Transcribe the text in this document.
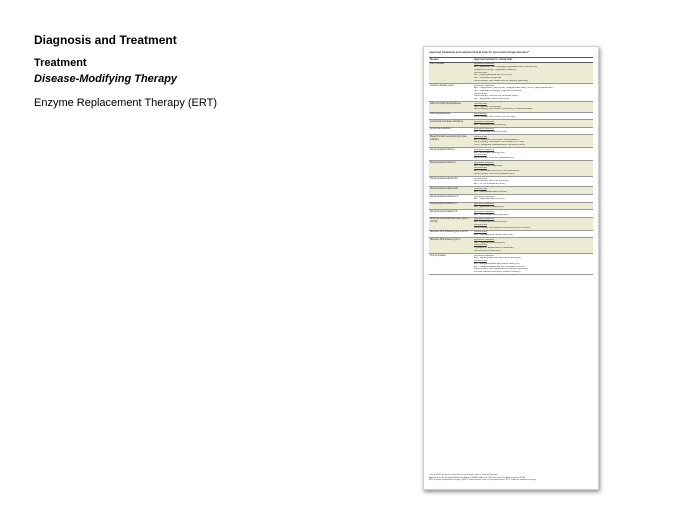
Diagnosis and Treatment
Treatment
Disease-Modifying Therapy
Enzyme Replacement Therapy (ERT)
Approved treatments and selected clinical trials for lysosomal storage disorders*
Disease	Approved treatments; clinical trials
Fabry disease	Approved treatment
ERT: agalsidase alfa (Replagal); agalsidase beta (Fabrazyme)
Chaperone therapy: migalastat (Galafold)
Clinical trials
ERT: pegunigalsidase alfa (PRX-102)
SRT: lucerastat; venglustat
Gene therapy: AAV-based vectors (various sponsors)
Gaucher disease, type I	Approved treatment
ERT: imiglucerase (Cerezyme); velaglucerase alfa (VPRIV); taliglucerase alfa
SRT: eliglustat (Cerdelga); miglustat (Zavesca)
Clinical trials
Gene therapy: AVR-RD-02 (lentiviral vector)
SRT: venglustat (Sanofi Genzyme)
GM1 and GM2 gangliosidoses	Clinical trials
SRT: miglustat; venglustat
Gene therapy: AAV vectors (University of Massachusetts)
GM1 gangliosidosis	Clinical trials
Gene therapy: AAV9-GLB1 (NIH/NHGRI)
Lysosomal acid lipase deficiency	Approved treatment
ERT: sebelipase alfa (Kanuma)
alpha-mannosidosis	Approved treatment
ERT: velmanase alfa (Lamzede)
Metachromatic leukodystrophy (late-infantile)
Clinical trials
ERT: intrathecal recombinant arylsulfatase A
Gene therapy: autologous HSC-based (OTL-200)
HSCT: allogeneic transplantation (various centers)
Mucopolysaccharidosis I	Approved treatment
ERT: laronidase (Aldurazyme)
Clinical trials
Gene therapy: RGX-111 (REGENXBIO)
Mucopolysaccharidosis II	Approved treatment
ERT: idursulfase (Elaprase)
Clinical trials
ERT: pabinafusp alfa (JCR Pharmaceuticals)
Gene therapy: RGX-121 (REGENXBIO)
Mucopolysaccharidosis IIIA	Clinical trials
Gene therapy: ABO-102 (Abeona)
ERT: rhHNS intrathecal (Shire)
Mucopolysaccharidosis IIIB	Clinical trials
ERT: tralesinidase alfa (Allievex)
Mucopolysaccharidosis IV A	Approved treatment
ERT: elosulfase alfa (Vimizim)
Mucopolysaccharidosis VI	Approved treatment
ERT: galsulfase (Naglazyme)
Mucopolysaccharidosis VII	Approved treatment
ERT: vestronidase alfa (Mepsevii)
Neuronal ceroid lipofuscinosis, type 2 (CLN2)
Approved treatment
ERT: cerliponase alfa (Brineura)
Clinical trials
Gene therapy: AAV-based CLN2 vectors (Weill Cornell)
Niemann-Pick disease types A and B	Clinical trials
ERT: olipudase alfa (Sanofi Genzyme)
Niemann-Pick disease type C	Approved treatment
SRT: miglustat (Zavesca) (EU)
Clinical trials
Cyclodextrin: adrabetadex (intrathecal)
Arimoclomol (Orphazyme)
Pompe disease	Approved treatment
ERT: alglucosidase alfa (Myozyme/Lumizyme)
Clinical trials
ERT: avalglucosidase alfa (Sanofi Genzyme)
ERT: cipaglucosidase alfa with miglustat (Amicus)
Gene therapy: AAV-based vectors (various sponsors)
Immune tolerance induction (Duke University)
* For the full and most current list of clinical trials, refer to ClinicalTrials.gov.
Approved by the European Medicines Agency (EMA) and/or the US Food and Drug Administration (FDA).
ERT, enzyme replacement therapy; HSCT, hematopoietic stem cell transplantation; SRT, substrate reduction therapy.
